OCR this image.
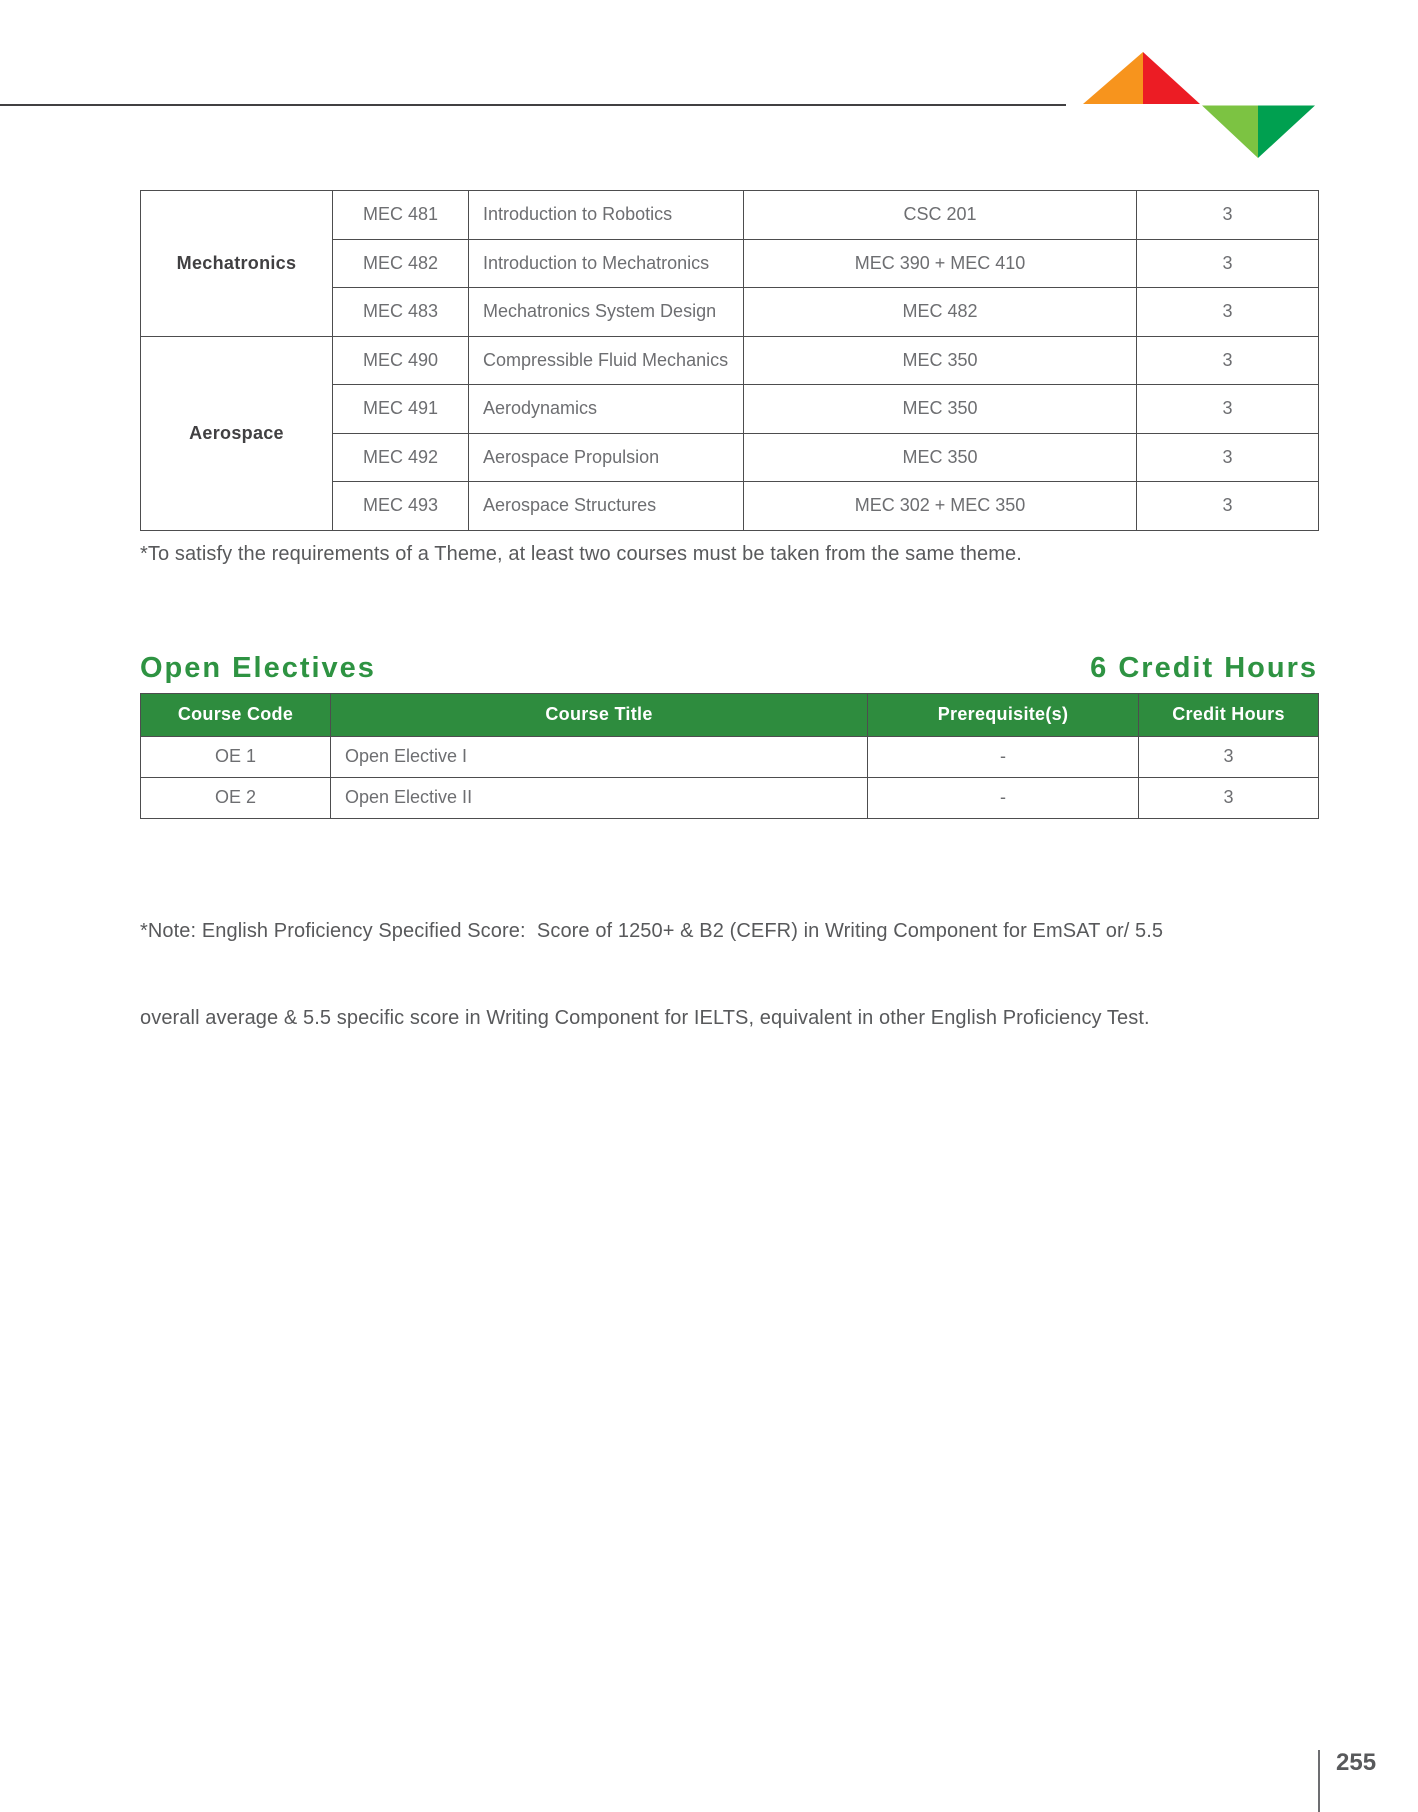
Mechatronics	MEC 481	Introduction to Robotics	CSC 201	3
	MEC 482	Introduction to Mechatronics	MEC 390 + MEC 410	3
	MEC 483	Mechatronics System Design	MEC 482	3
Aerospace	MEC 490	Compressible Fluid Mechanics	MEC 350	3
	MEC 491	Aerodynamics	MEC 350	3
	MEC 492	Aerospace Propulsion	MEC 350	3
	MEC 493	Aerospace Structures	MEC 302 + MEC 350	3
*To satisfy the requirements of a Theme, at least two courses must be taken from the same theme.
Open Electives	6 Credit Hours
Course Code	Course Title	Prerequisite(s)	Credit Hours
OE 1	Open Elective I	-	3
OE 2	Open Elective II	-	3

*Note: English Proficiency Specified Score:  Score of 1250+ & B2 (CEFR) in Writing Component for EmSAT or/ 5.5

overall average & 5.5 specific score in Writing Component for IELTS, equivalent in other English Proficiency Test.

255
